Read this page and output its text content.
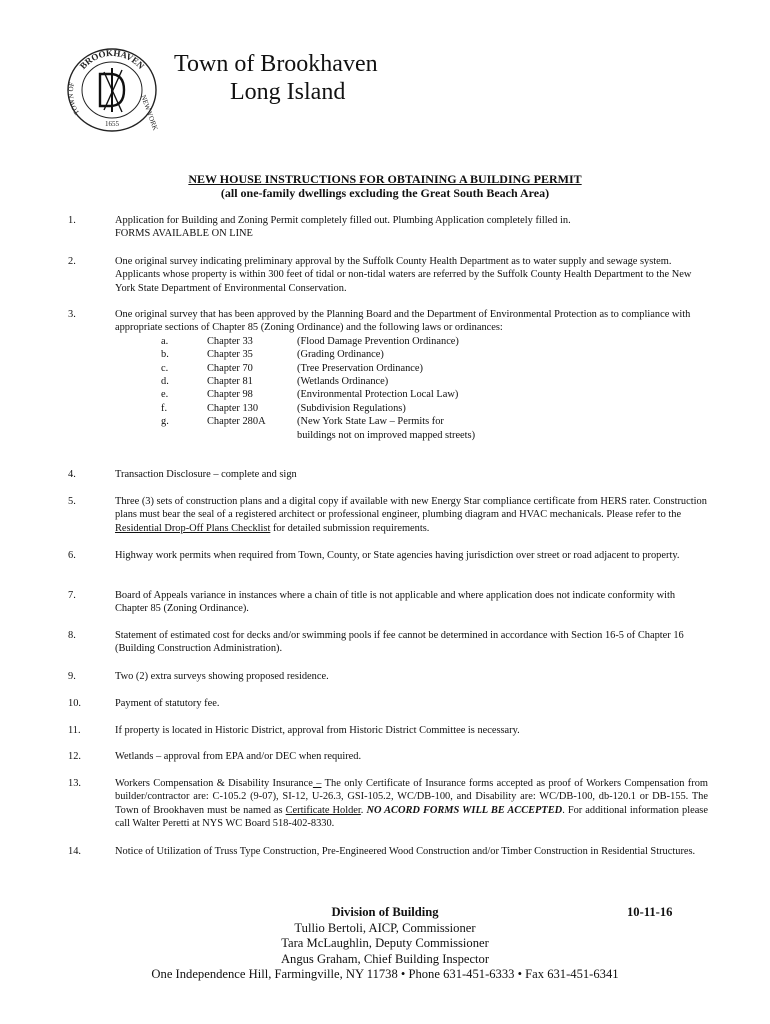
BROOKHAVEN
NEW YORK
TOWN OF
1655
Town of Brookhaven
Long Island
NEW HOUSE INSTRUCTIONS FOR OBTAINING A BUILDING PERMIT
(all one-family dwellings excluding the Great South Beach Area)
1.	Application for Building and Zoning Permit completely filled out. Plumbing Application completely filled in.
FORMS AVAILABLE ON LINE
2.	One original survey indicating preliminary approval by the Suffolk County Health Department as to water supply and sewage system. Applicants whose property is within 300 feet of tidal or non-tidal waters are referred by the Suffolk County Health Department to the New York State Department of Environmental Conservation.
3.	One original survey that has been approved by the Planning Board and the Department of Environmental Protection as to compliance with appropriate sections of Chapter 85 (Zoning Ordinance) and the following laws or ordinances:
a.	Chapter 33	(Flood Damage Prevention Ordinance)
b.	Chapter 35	(Grading Ordinance)
c.	Chapter 70	(Tree Preservation Ordinance)
d.	Chapter 81	(Wetlands Ordinance)
e.	Chapter 98	(Environmental Protection Local Law)
f.	Chapter 130	(Subdivision Regulations)
g.	Chapter 280A	(New York State Law – Permits for
buildings not on improved mapped streets)
4.	Transaction Disclosure – complete and sign
5.	Three (3) sets of construction plans and a digital copy if available with new Energy Star compliance certificate from HERS rater. Construction plans must bear the seal of a registered architect or professional engineer, plumbing diagram and HVAC mechanicals. Please refer to the Residential Drop-Off Plans Checklist for detailed submission requirements.
6.	Highway work permits when required from Town, County, or State agencies having jurisdiction over street or road adjacent to property.
7.	Board of Appeals variance in instances where a chain of title is not applicable and where application does not indicate conformity with Chapter 85 (Zoning Ordinance).
8.	Statement of estimated cost for decks and/or swimming pools if fee cannot be determined in accordance with Section 16-5 of Chapter 16 (Building Construction Administration).
9.	Two (2) extra surveys showing proposed residence.
10.	Payment of statutory fee.
11.	If property is located in Historic District, approval from Historic District Committee is necessary.
12.	Wetlands – approval from EPA and/or DEC when required.
13.	Workers Compensation & Disability Insurance – The only Certificate of Insurance forms accepted as proof of Workers Compensation from builder/contractor are: C-105.2 (9-07), SI-12, U-26.3, GSI-105.2, WC/DB-100, and Disability are: WC/DB-100, db-120.1 or DB-155. The Town of Brookhaven must be named as Certificate Holder. NO ACORD FORMS WILL BE ACCEPTED. For additional information please call Walter Peretti at NYS WC Board 518-402-8330.
14.	Notice of Utilization of Truss Type Construction, Pre-Engineered Wood Construction and/or Timber Construction in Residential Structures.
Division of Building
Tullio Bertoli, AICP, Commissioner
Tara McLaughlin, Deputy Commissioner
Angus Graham, Chief Building Inspector
One Independence Hill, Farmingville, NY 11738 • Phone 631-451-6333 • Fax 631-451-6341
10-11-16
